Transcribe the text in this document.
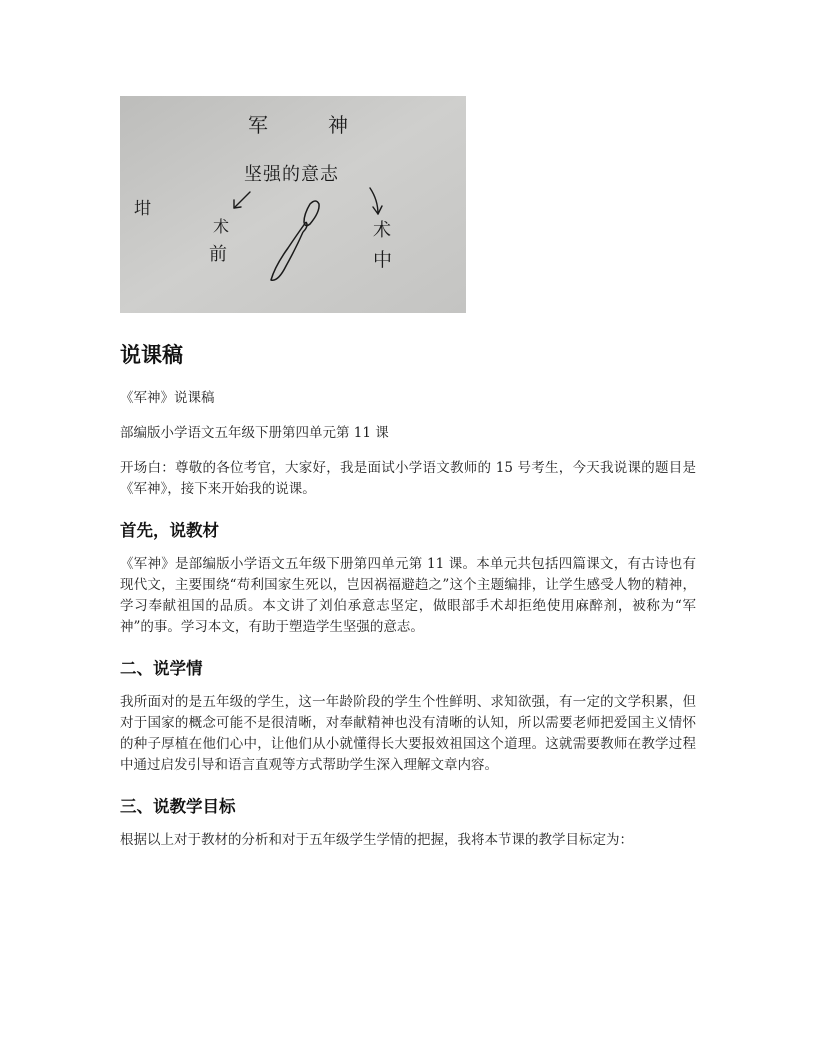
军	神
坚强的意志
坩
术
前
术
中
说课稿

《军神》说课稿

部编版小学语文五年级下册第四单元第 11 课

开场白：尊敬的各位考官，大家好，我是面试小学语文教师的 15 号考生，今天我说课的题目是《军神》，接下来开始我的说课。

首先，说教材

《军神》是部编版小学语文五年级下册第四单元第 11 课。本单元共包括四篇课文，有古诗也有现代文，主要围绕“苟利国家生死以，岂因祸福避趋之”这个主题编排，让学生感受人物的精神，学习奉献祖国的品质。本文讲了刘伯承意志坚定，做眼部手术却拒绝使用麻醉剂，被称为“军神”的事。学习本文，有助于塑造学生坚强的意志。

二、说学情

我所面对的是五年级的学生，这一年龄阶段的学生个性鲜明、求知欲强，有一定的文学积累，但对于国家的概念可能不是很清晰，对奉献精神也没有清晰的认知，所以需要老师把爱国主义情怀的种子厚植在他们心中，让他们从小就懂得长大要报效祖国这个道理。这就需要教师在教学过程中通过启发引导和语言直观等方式帮助学生深入理解文章内容。

三、说教学目标

根据以上对于教材的分析和对于五年级学生学情的把握，我将本节课的教学目标定为：
